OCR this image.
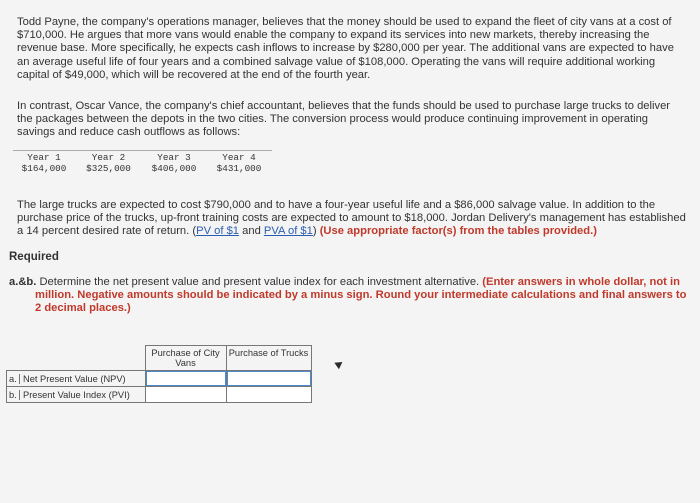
Todd Payne, the company's operations manager, believes that the money should be used to expand the fleet of city vans at a cost of $710,000. He argues that more vans would enable the company to expand its services into new markets, thereby increasing the revenue base. More specifically, he expects cash inflows to increase by $280,000 per year. The additional vans are expected to have an average useful life of four years and a combined salvage value of $108,000. Operating the vans will require additional working capital of $49,000, which will be recovered at the end of the fourth year.
In contrast, Oscar Vance, the company's chief accountant, believes that the funds should be used to purchase large trucks to deliver the packages between the depots in the two cities. The conversion process would produce continuing improvement in operating savings and reduce cash outflows as follows:
Year 1	Year 2	Year 3	Year 4
$164,000	$325,000	$406,000	$431,000
The large trucks are expected to cost $790,000 and to have a four-year useful life and a $86,000 salvage value. In addition to the purchase price of the trucks, up-front training costs are expected to amount to $18,000. Jordan Delivery's management has established a 14 percent desired rate of return. (PV of $1 and PVA of $1) (Use appropriate factor(s) from the tables provided.)
Required
a.&b. Determine the net present value and present value index for each investment alternative. (Enter answers in whole dollar, not in
million. Negative amounts should be indicated by a minus sign. Round your intermediate calculations and final answers to 2 decimal places.)
	Purchase of City Vans	Purchase of Trucks
a. Net Present Value (NPV)		
b. Present Value Index (PVI)		
